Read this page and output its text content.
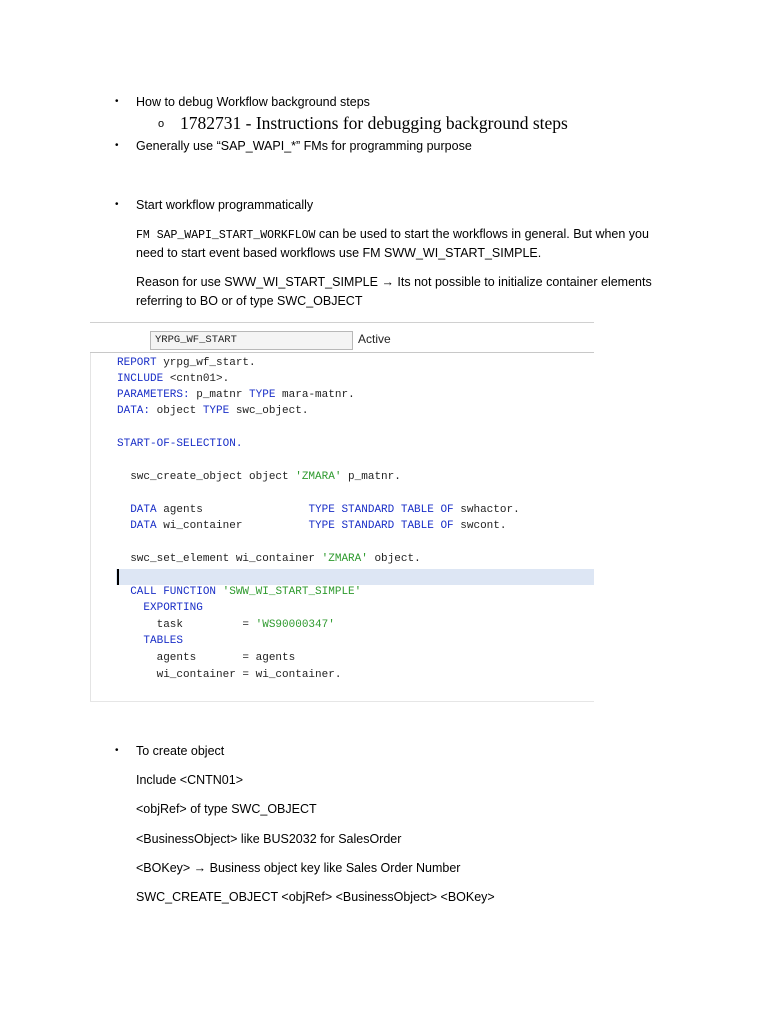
• How to debug Workflow background steps
o 1782731 - Instructions for debugging background steps
• Generally use “SAP_WAPI_*” FMs for programming purpose
• Start workflow programmatically
FM SAP_WAPI_START_WORKFLOW can be used to start the workflows in general. But when you
need to start event based workflows use FM SWW_WI_START_SIMPLE.
Reason for use SWW_WI_START_SIMPLE → Its not possible to initialize container elements
referring to BO or of type SWC_OBJECT
YRPG_WF_START	Active
REPORT yrpg_wf_start.
INCLUDE <cntn01>.
PARAMETERS: p_matnr TYPE mara-matnr.
DATA: object TYPE swc_object.
START-OF-SELECTION.
swc_create_object object 'ZMARA' p_matnr.
DATA agents                TYPE STANDARD TABLE OF swhactor.
DATA wi_container          TYPE STANDARD TABLE OF swcont.
swc_set_element wi_container 'ZMARA' object.
CALL FUNCTION 'SWW_WI_START_SIMPLE'
EXPORTING
task         = 'WS90000347'
TABLES
agents       = agents
wi_container = wi_container.
• To create object
Include <CNTN01>
<objRef> of type SWC_OBJECT
<BusinessObject> like BUS2032 for SalesOrder
<BOKey> → Business object key like Sales Order Number
SWC_CREATE_OBJECT <objRef> <BusinessObject> <BOKey>
